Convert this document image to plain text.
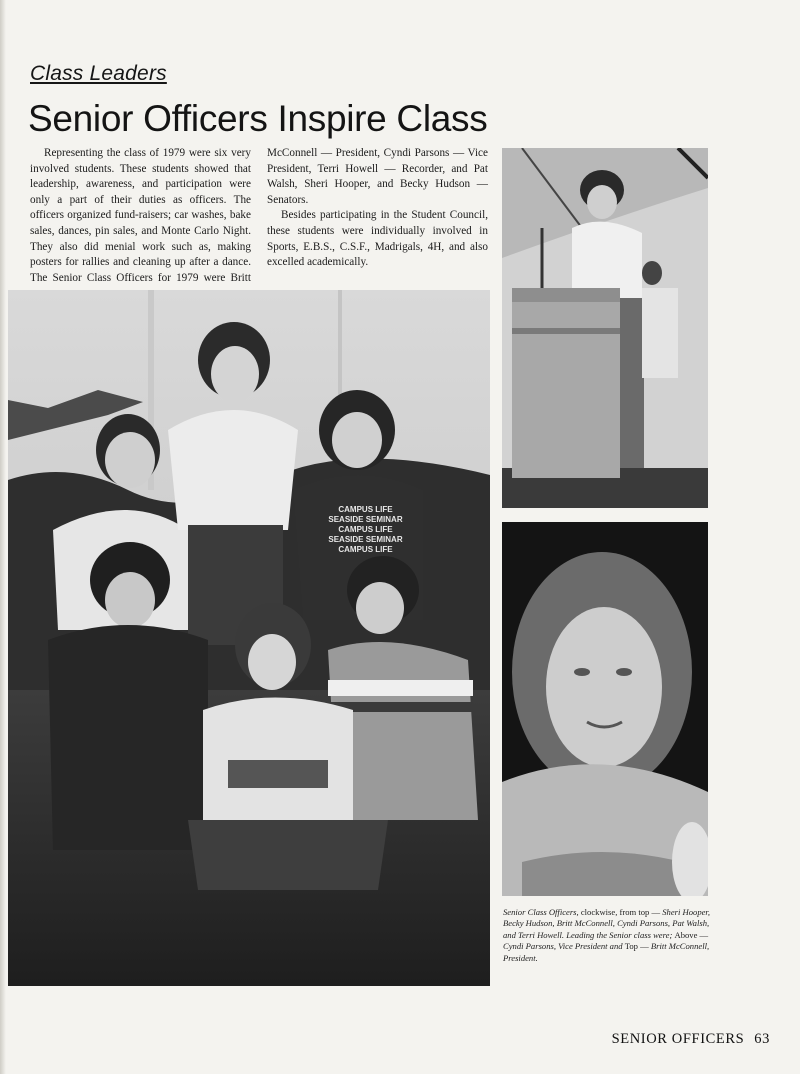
Class Leaders
Senior Officers Inspire Class

Representing the class of 1979 were six very involved students. These students showed that leadership, awareness, and participation were only a part of their duties as officers. The officers organized fund-raisers; car washes, bake sales, dances, pin sales, and Monte Carlo Night. They also did menial work such as, making posters for rallies and cleaning up after a dance. The Senior Class Officers for 1979 were Britt McConnell — President, Cyndi Parsons — Vice President, Terri Howell — Recorder, and Pat Walsh, Sheri Hooper, and Becky Hudson — Senators.

Besides participating in the Student Council, these students were individually involved in Sports, E.B.S., C.S.F., Madrigals, 4H, and also excelled academically.

CAMPUS LIFE
SEASIDE SEMINAR
CAMPUS LIFE
SEASIDE SEMINAR
CAMPUS LIFE
Senior Class Officers, clockwise, from top — Sheri Hooper, Becky Hudson, Britt McConnell, Cyndi Parsons, Pat Walsh, and Terri Howell. Leading the Senior class were; Above — Cyndi Parsons, Vice President and Top — Britt McConnell, President.
SENIOR OFFICERS 63
